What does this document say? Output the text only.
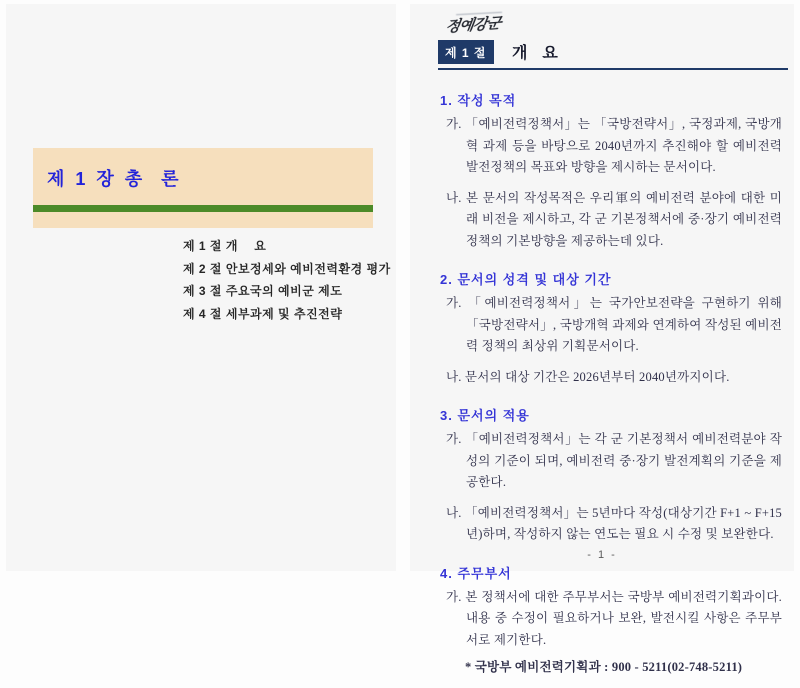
제 1 장 총  론
제 1 절 개 　요
제 2 절 안보정세와 예비전력환경 평가
제 3 절 주요국의 예비군 제도
제 4 절 세부과제 및 추진전략
정예강군
제 1 절 개  요
1. 작성 목적

가. 「예비전력정책서」는 「국방전략서」, 국정과제, 국방개혁 과제 등을 바탕으로 2040년까지 추진해야 할 예비전력 발전정책의 목표와 방향을 제시하는 문서이다.

나. 본 문서의 작성목적은 우리軍의 예비전력 분야에 대한 미래 비전을 제시하고, 각 군 기본정책서에 중·장기 예비전력 정책의 기본방향을 제공하는데 있다.

2. 문서의 성격 및 대상 기간

가. 「예비전력정책서」는 국가안보전략을 구현하기 위해 「국방전략서」, 국방개혁 과제와 연계하여 작성된 예비전력 정책의 최상위 기획문서이다.

나. 문서의 대상 기간은 2026년부터 2040년까지이다.

3. 문서의 적용

가. 「예비전력정책서」는 각 군 기본정책서 예비전력분야 작성의 기준이 되며, 예비전력 중·장기 발전계획의 기준을 제공한다.

나. 「예비전력정책서」는 5년마다 작성(대상기간 F+1 ~ F+15년)하며, 작성하지 않는 연도는 필요 시 수정 및 보완한다.

4. 주무부서

가. 본 정책서에 대한 주무부서는 국방부 예비전력기획과이다. 내용 중 수정이 필요하거나 보완, 발전시킬 사항은 주무부서로 제기한다.

* 국방부 예비전력기획과 : 900 - 5211(02-748-5211)

- 1 -
